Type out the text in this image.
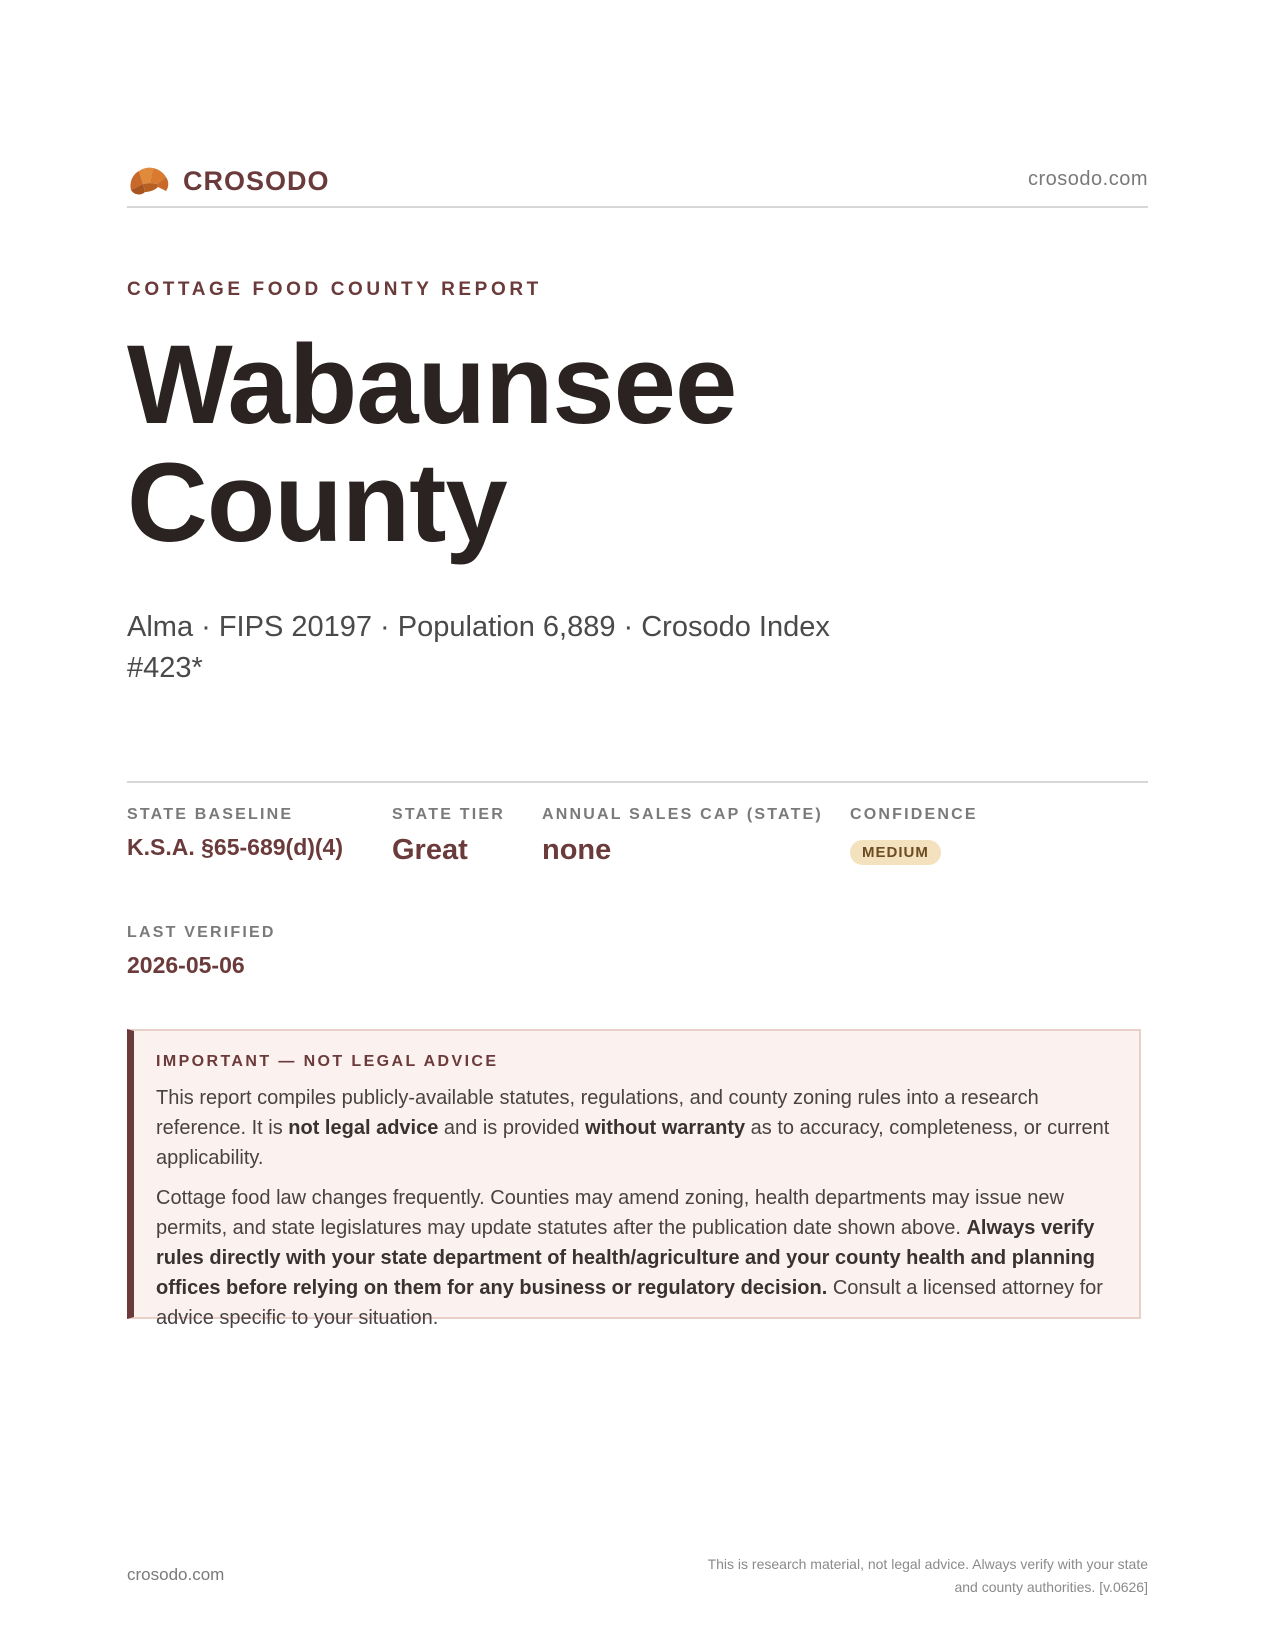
CROSODO	crosodo.com
COTTAGE FOOD COUNTY REPORT
Wabaunsee
County
Alma · FIPS 20197 · Population 6,889 · Crosodo Index #423*
STATE BASELINE
K.S.A. §65-689(d)(4)
STATE TIER
Great
ANNUAL SALES CAP (STATE)
none
CONFIDENCE
MEDIUM
LAST VERIFIED
2026-05-06
IMPORTANT — NOT LEGAL ADVICE

This report compiles publicly-available statutes, regulations, and county zoning rules into a research reference. It is not legal advice and is provided without warranty as to accuracy, completeness, or current applicability.

Cottage food law changes frequently. Counties may amend zoning, health departments may issue new permits, and state legislatures may update statutes after the publication date shown above. Always verify rules directly with your state department of health/agriculture and your county health and planning offices before relying on them for any business or regulatory decision. Consult a licensed attorney for advice specific to your situation.

crosodo.com
This is research material, not legal advice. Always verify with your state
and county authorities. [v.0626]
